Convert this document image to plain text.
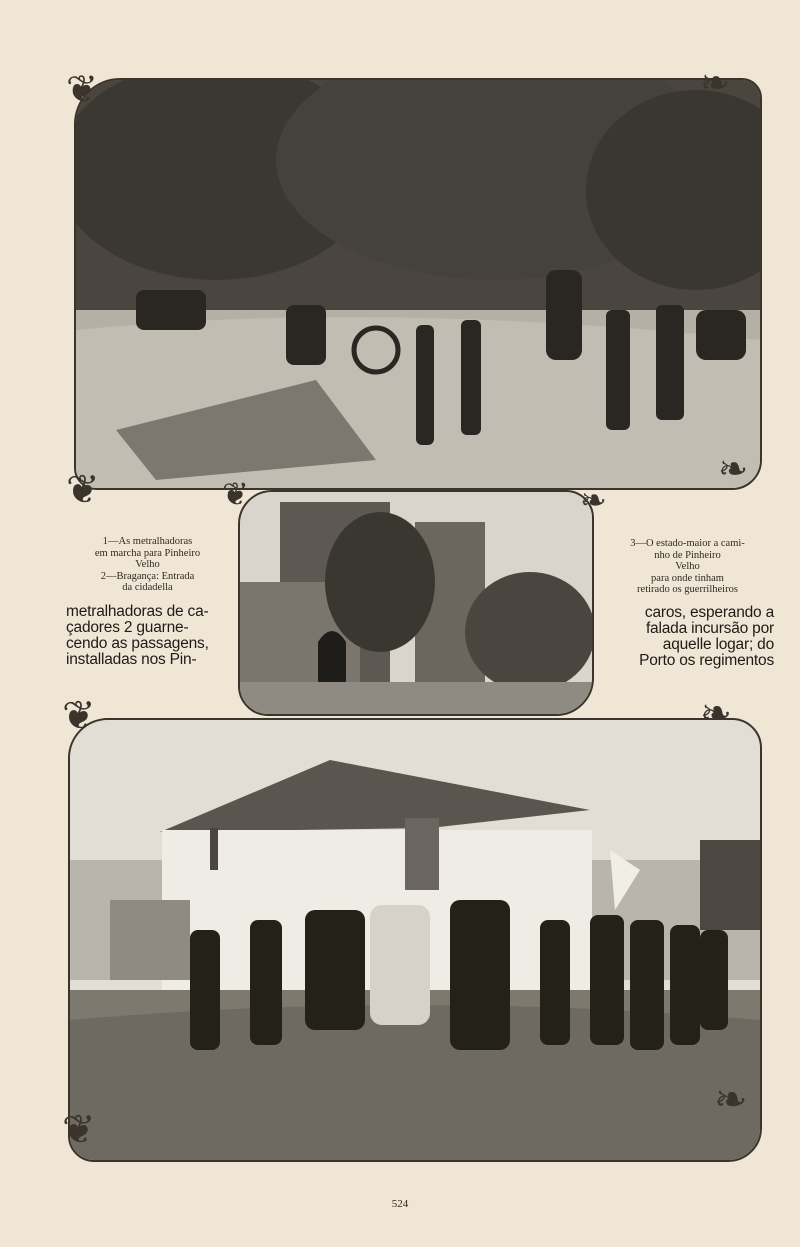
❦	❧
❦	❧
❦	❧
❦	❧
❦
❧
1—As metralhadoras
em marcha para Pinheiro
Velho
2—Bragança: Entrada
da cidadella
3—O estado-maior a cami-
nho de Pinheiro
Velho
para onde tinham
retirado os guerrilheiros
metralhadoras de ca-
çadores 2 guarne-
cendo as passagens,
installadas nos Pin-
caros, esperando a
falada incursão por
aquelle logar; do
Porto os regimentos
524
